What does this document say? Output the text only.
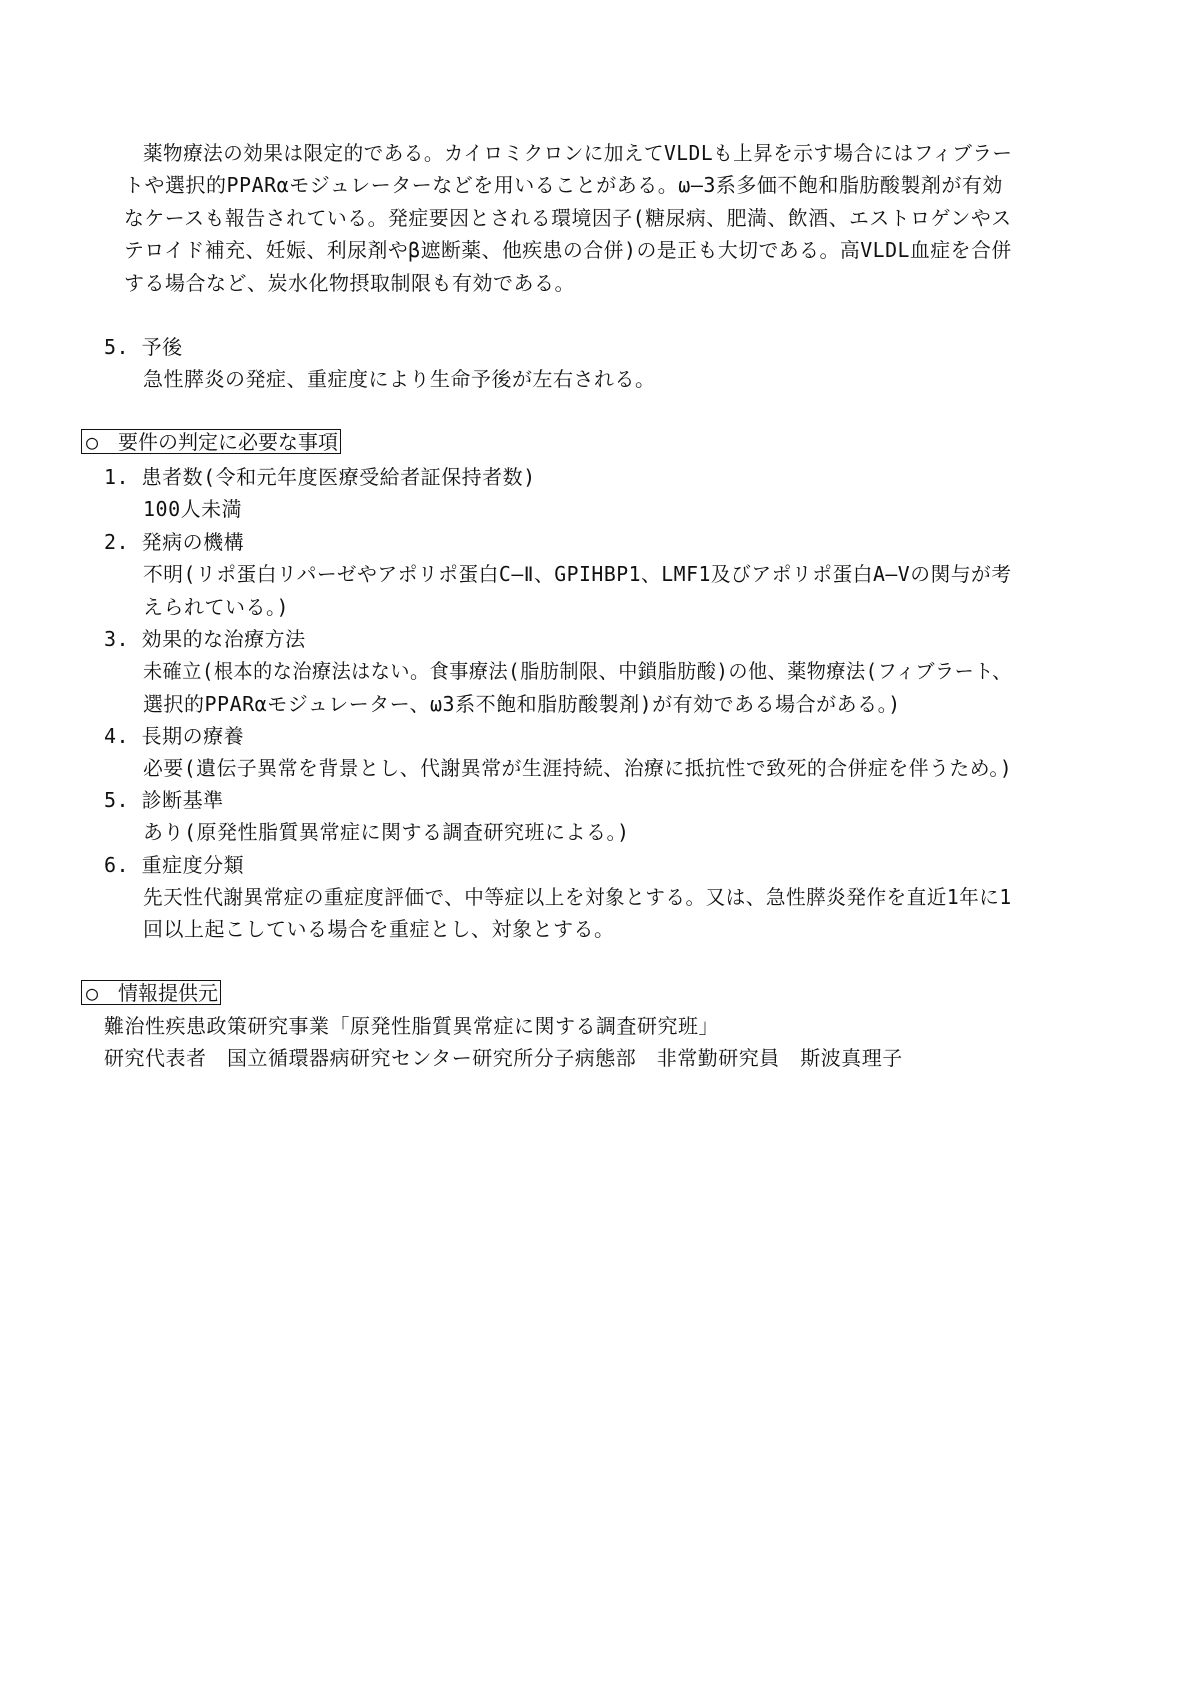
薬物療法の効果は限定的である。カイロミクロンに加えてVLDLも上昇を示す場合にはフィブラー
トや選択的PPARαモジュレーターなどを用いることがある。ω―3系多価不飽和脂肪酸製剤が有効
なケースも報告されている。発症要因とされる環境因子(糖尿病、肥満、飲酒、エストロゲンやス
テロイド補充、妊娠、利尿剤やβ遮断薬、他疾患の合併)の是正も大切である。高VLDL血症を合併
する場合など、炭水化物摂取制限も有効である。
5. 予後
急性膵炎の発症、重症度により生命予後が左右される。
○　要件の判定に必要な事項
1. 患者数(令和元年度医療受給者証保持者数)
100人未満
2. 発病の機構
不明(リポ蛋白リパーゼやアポリポ蛋白C―Ⅱ、GPIHBP1、LMF1及びアポリポ蛋白A―Vの関与が考
えられている。)
3. 効果的な治療方法
未確立(根本的な治療法はない。食事療法(脂肪制限、中鎖脂肪酸)の他、薬物療法(フィブラート、
選択的PPARαモジュレーター、ω3系不飽和脂肪酸製剤)が有効である場合がある。)
4. 長期の療養
必要(遺伝子異常を背景とし、代謝異常が生涯持続、治療に抵抗性で致死的合併症を伴うため。)
5. 診断基準
あり(原発性脂質異常症に関する調査研究班による。)
6. 重症度分類
先天性代謝異常症の重症度評価で、中等症以上を対象とする。又は、急性膵炎発作を直近1年に1
回以上起こしている場合を重症とし、対象とする。
○　情報提供元
難治性疾患政策研究事業「原発性脂質異常症に関する調査研究班」
研究代表者　国立循環器病研究センター研究所分子病態部　非常勤研究員　斯波真理子
